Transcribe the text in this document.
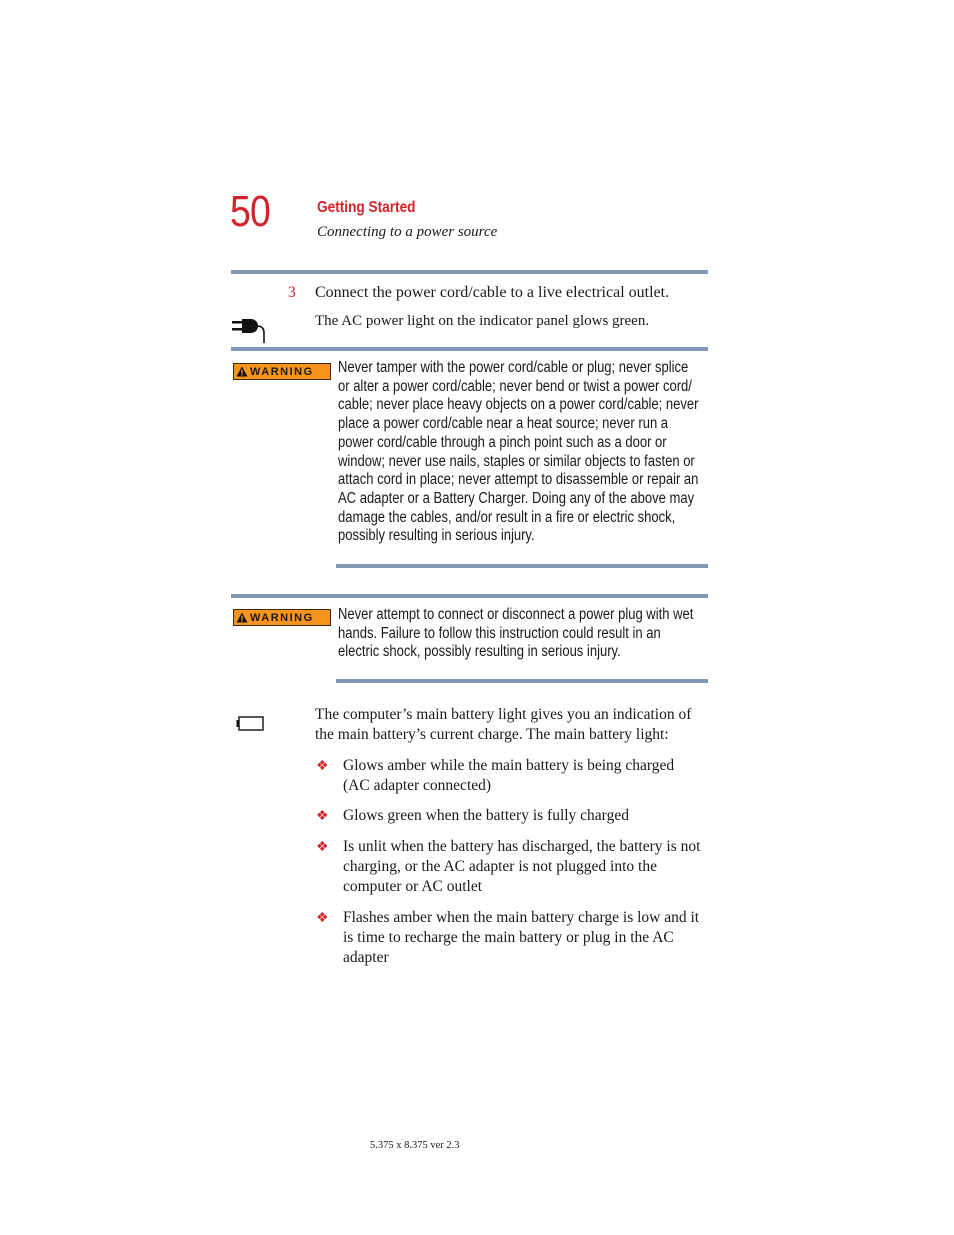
50	Getting Started
Connecting to a power source
3 Connect the power cord/cable to a live electrical outlet.
The AC power light on the indicator panel glows green.
WARNING Never tamper with the power cord/cable or plug; never splice
or alter a power cord/cable; never bend or twist a power cord/
cable; never place heavy objects on a power cord/cable; never
place a power cord/cable near a heat source; never run a
power cord/cable through a pinch point such as a door or
window; never use nails, staples or similar objects to fasten or
attach cord in place; never attempt to disassemble or repair an
AC adapter or a Battery Charger. Doing any of the above may
damage the cables, and/or result in a fire or electric shock,
possibly resulting in serious injury.
WARNING Never attempt to connect or disconnect a power plug with wet
hands. Failure to follow this instruction could result in an
electric shock, possibly resulting in serious injury.
The computer’s main battery light gives you an indication of
the main battery’s current charge. The main battery light:
❖ Glows amber while the main battery is being charged
(AC adapter connected)
❖ Glows green when the battery is fully charged
❖ Is unlit when the battery has discharged, the battery is not
charging, or the AC adapter is not plugged into the
computer or AC outlet
❖ Flashes amber when the main battery charge is low and it
is time to recharge the main battery or plug in the AC
adapter
5.375 x 8.375 ver 2.3
